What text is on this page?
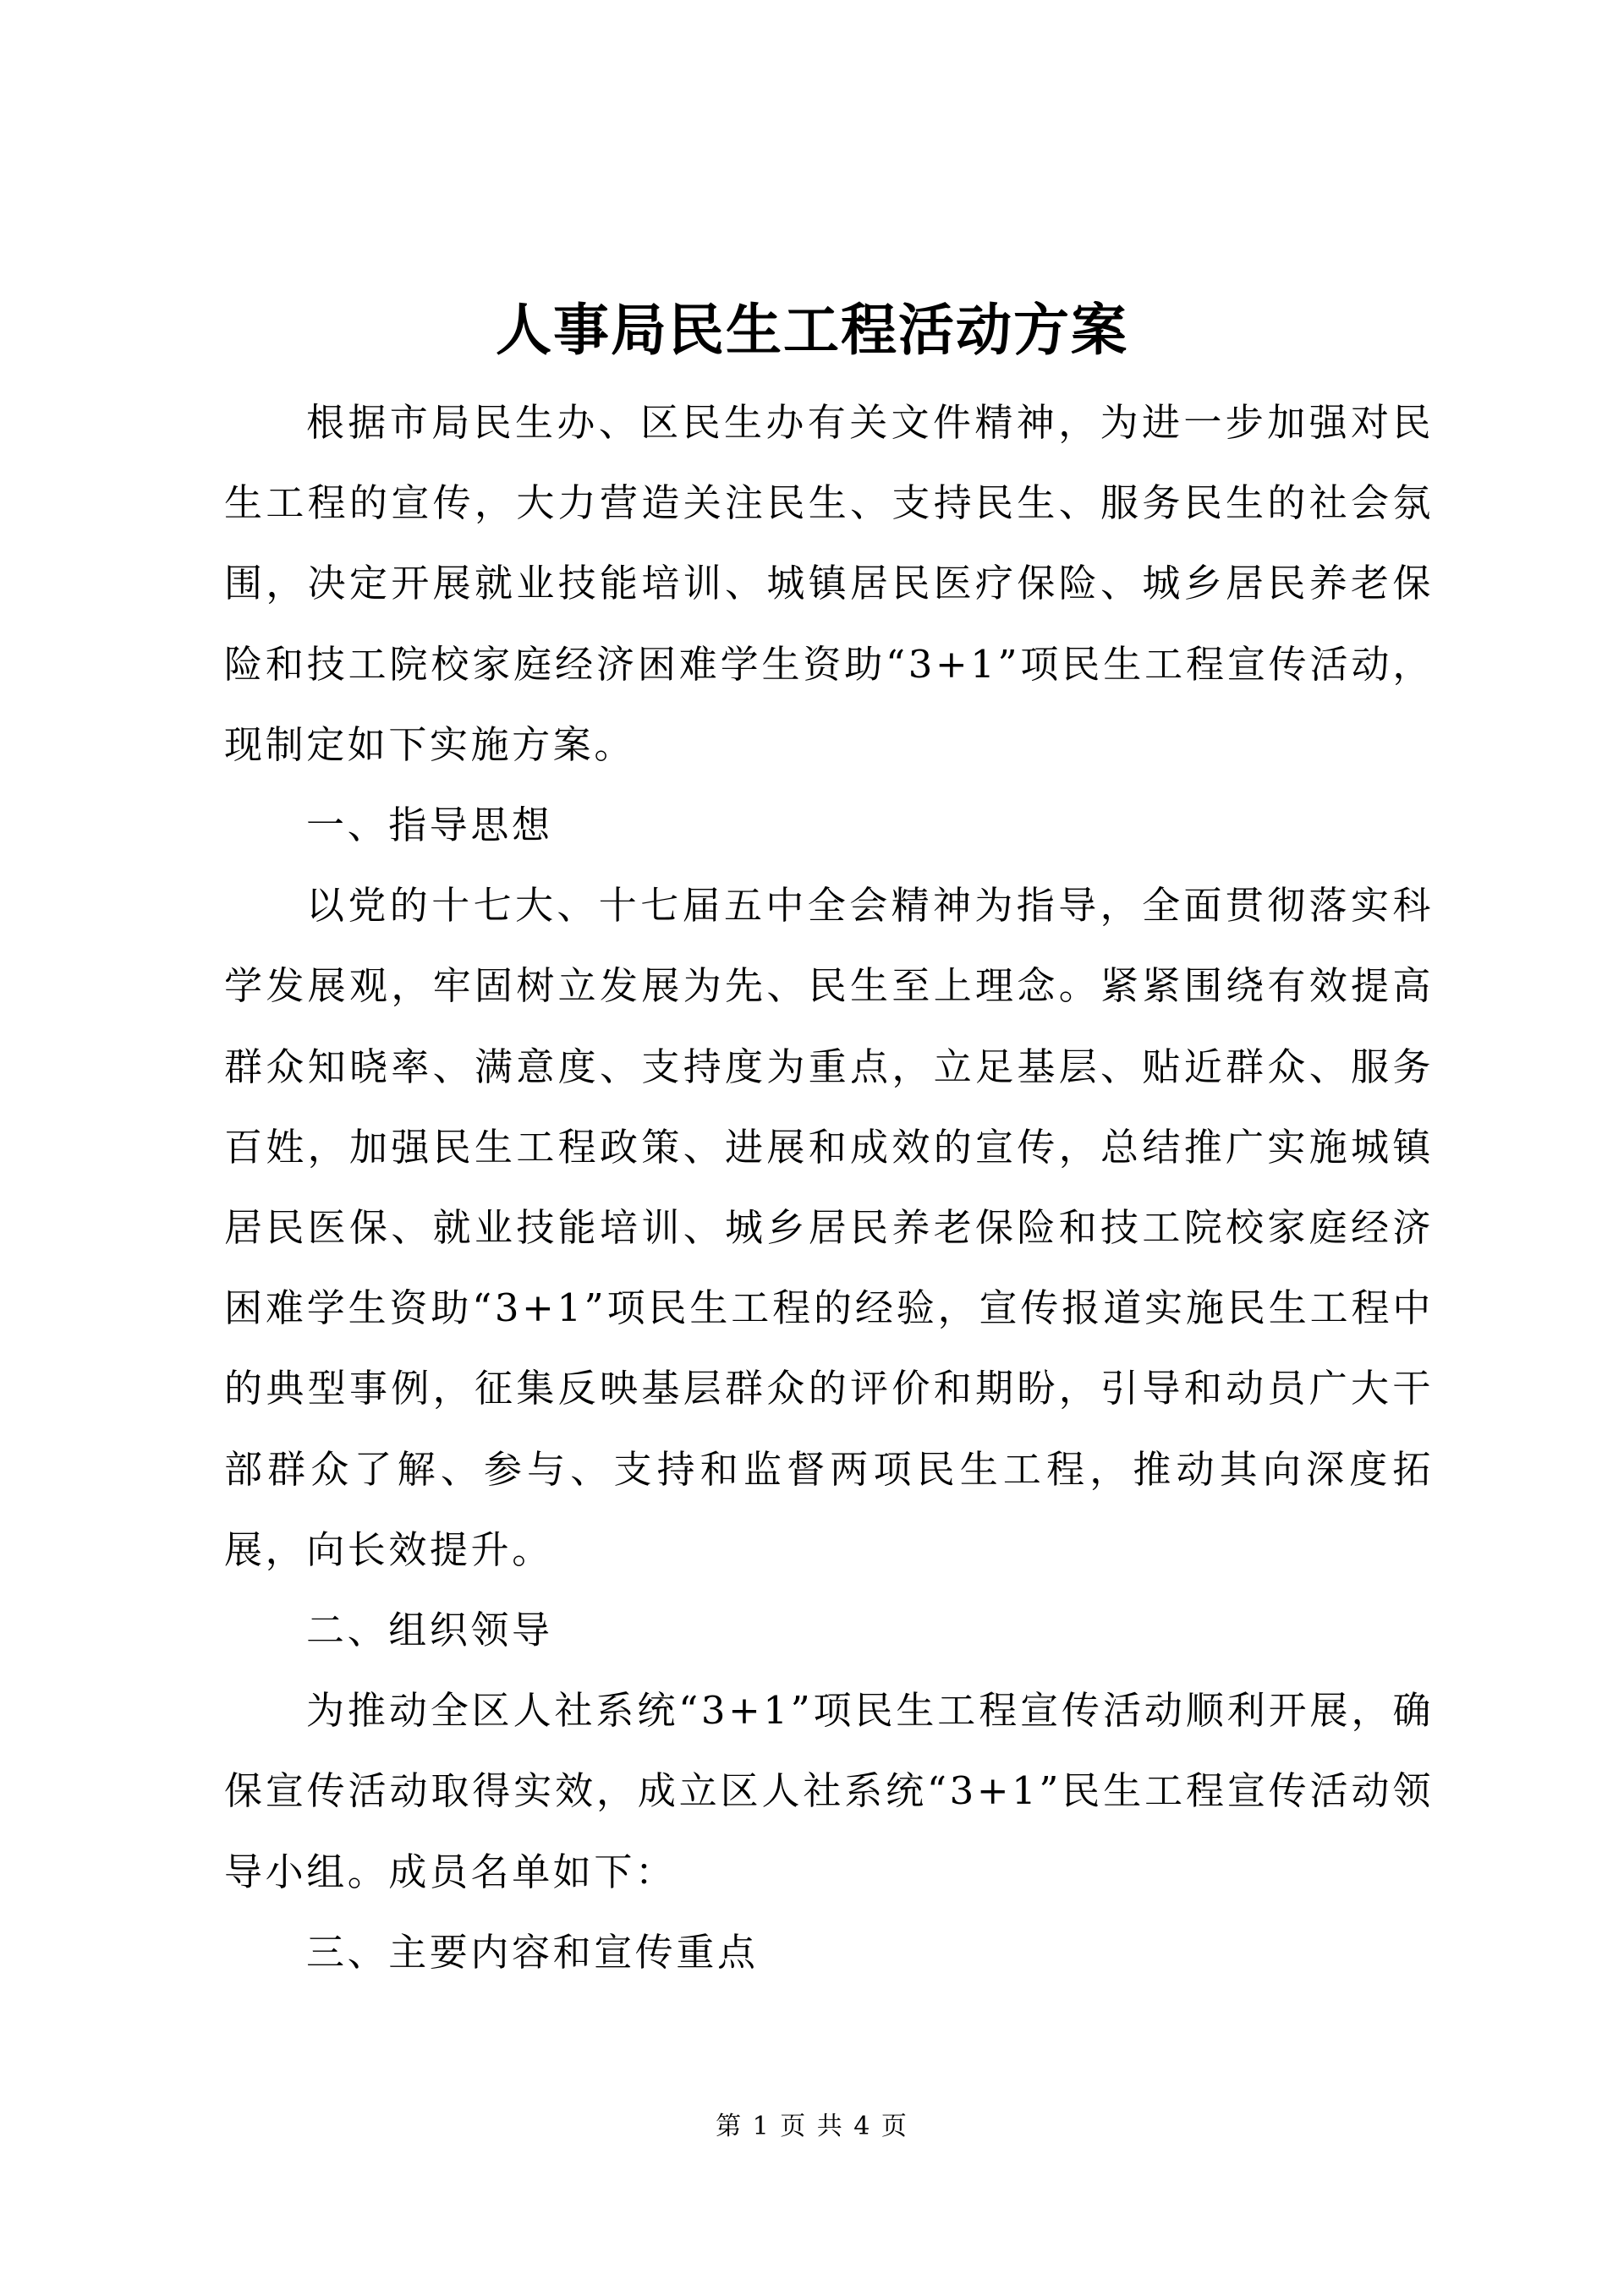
人事局民生工程活动方案

根据市局民生办、区民生办有关文件精神，为进一步加强对民生工程的宣传，大力营造关注民生、支持民生、服务民生的社会氛围，决定开展就业技能培训、城镇居民医疗保险、城乡居民养老保险和技工院校家庭经济困难学生资助“3+1”项民生工程宣传活动，现制定如下实施方案。

一、指导思想

以党的十七大、十七届五中全会精神为指导，全面贯彻落实科学发展观，牢固树立发展为先、民生至上理念。紧紧围绕有效提高群众知晓率、满意度、支持度为重点，立足基层、贴近群众、服务百姓，加强民生工程政策、进展和成效的宣传，总结推广实施城镇居民医保、就业技能培训、城乡居民养老保险和技工院校家庭经济困难学生资助“3+1”项民生工程的经验，宣传报道实施民生工程中的典型事例，征集反映基层群众的评价和期盼，引导和动员广大干部群众了解、参与、支持和监督两项民生工程，推动其向深度拓展，向长效提升。

二、组织领导

为推动全区人社系统“3+1”项民生工程宣传活动顺利开展，确保宣传活动取得实效，成立区人社系统“3+1”民生工程宣传活动领导小组。成员名单如下：

三、主要内容和宣传重点

第 1 页 共 4 页
